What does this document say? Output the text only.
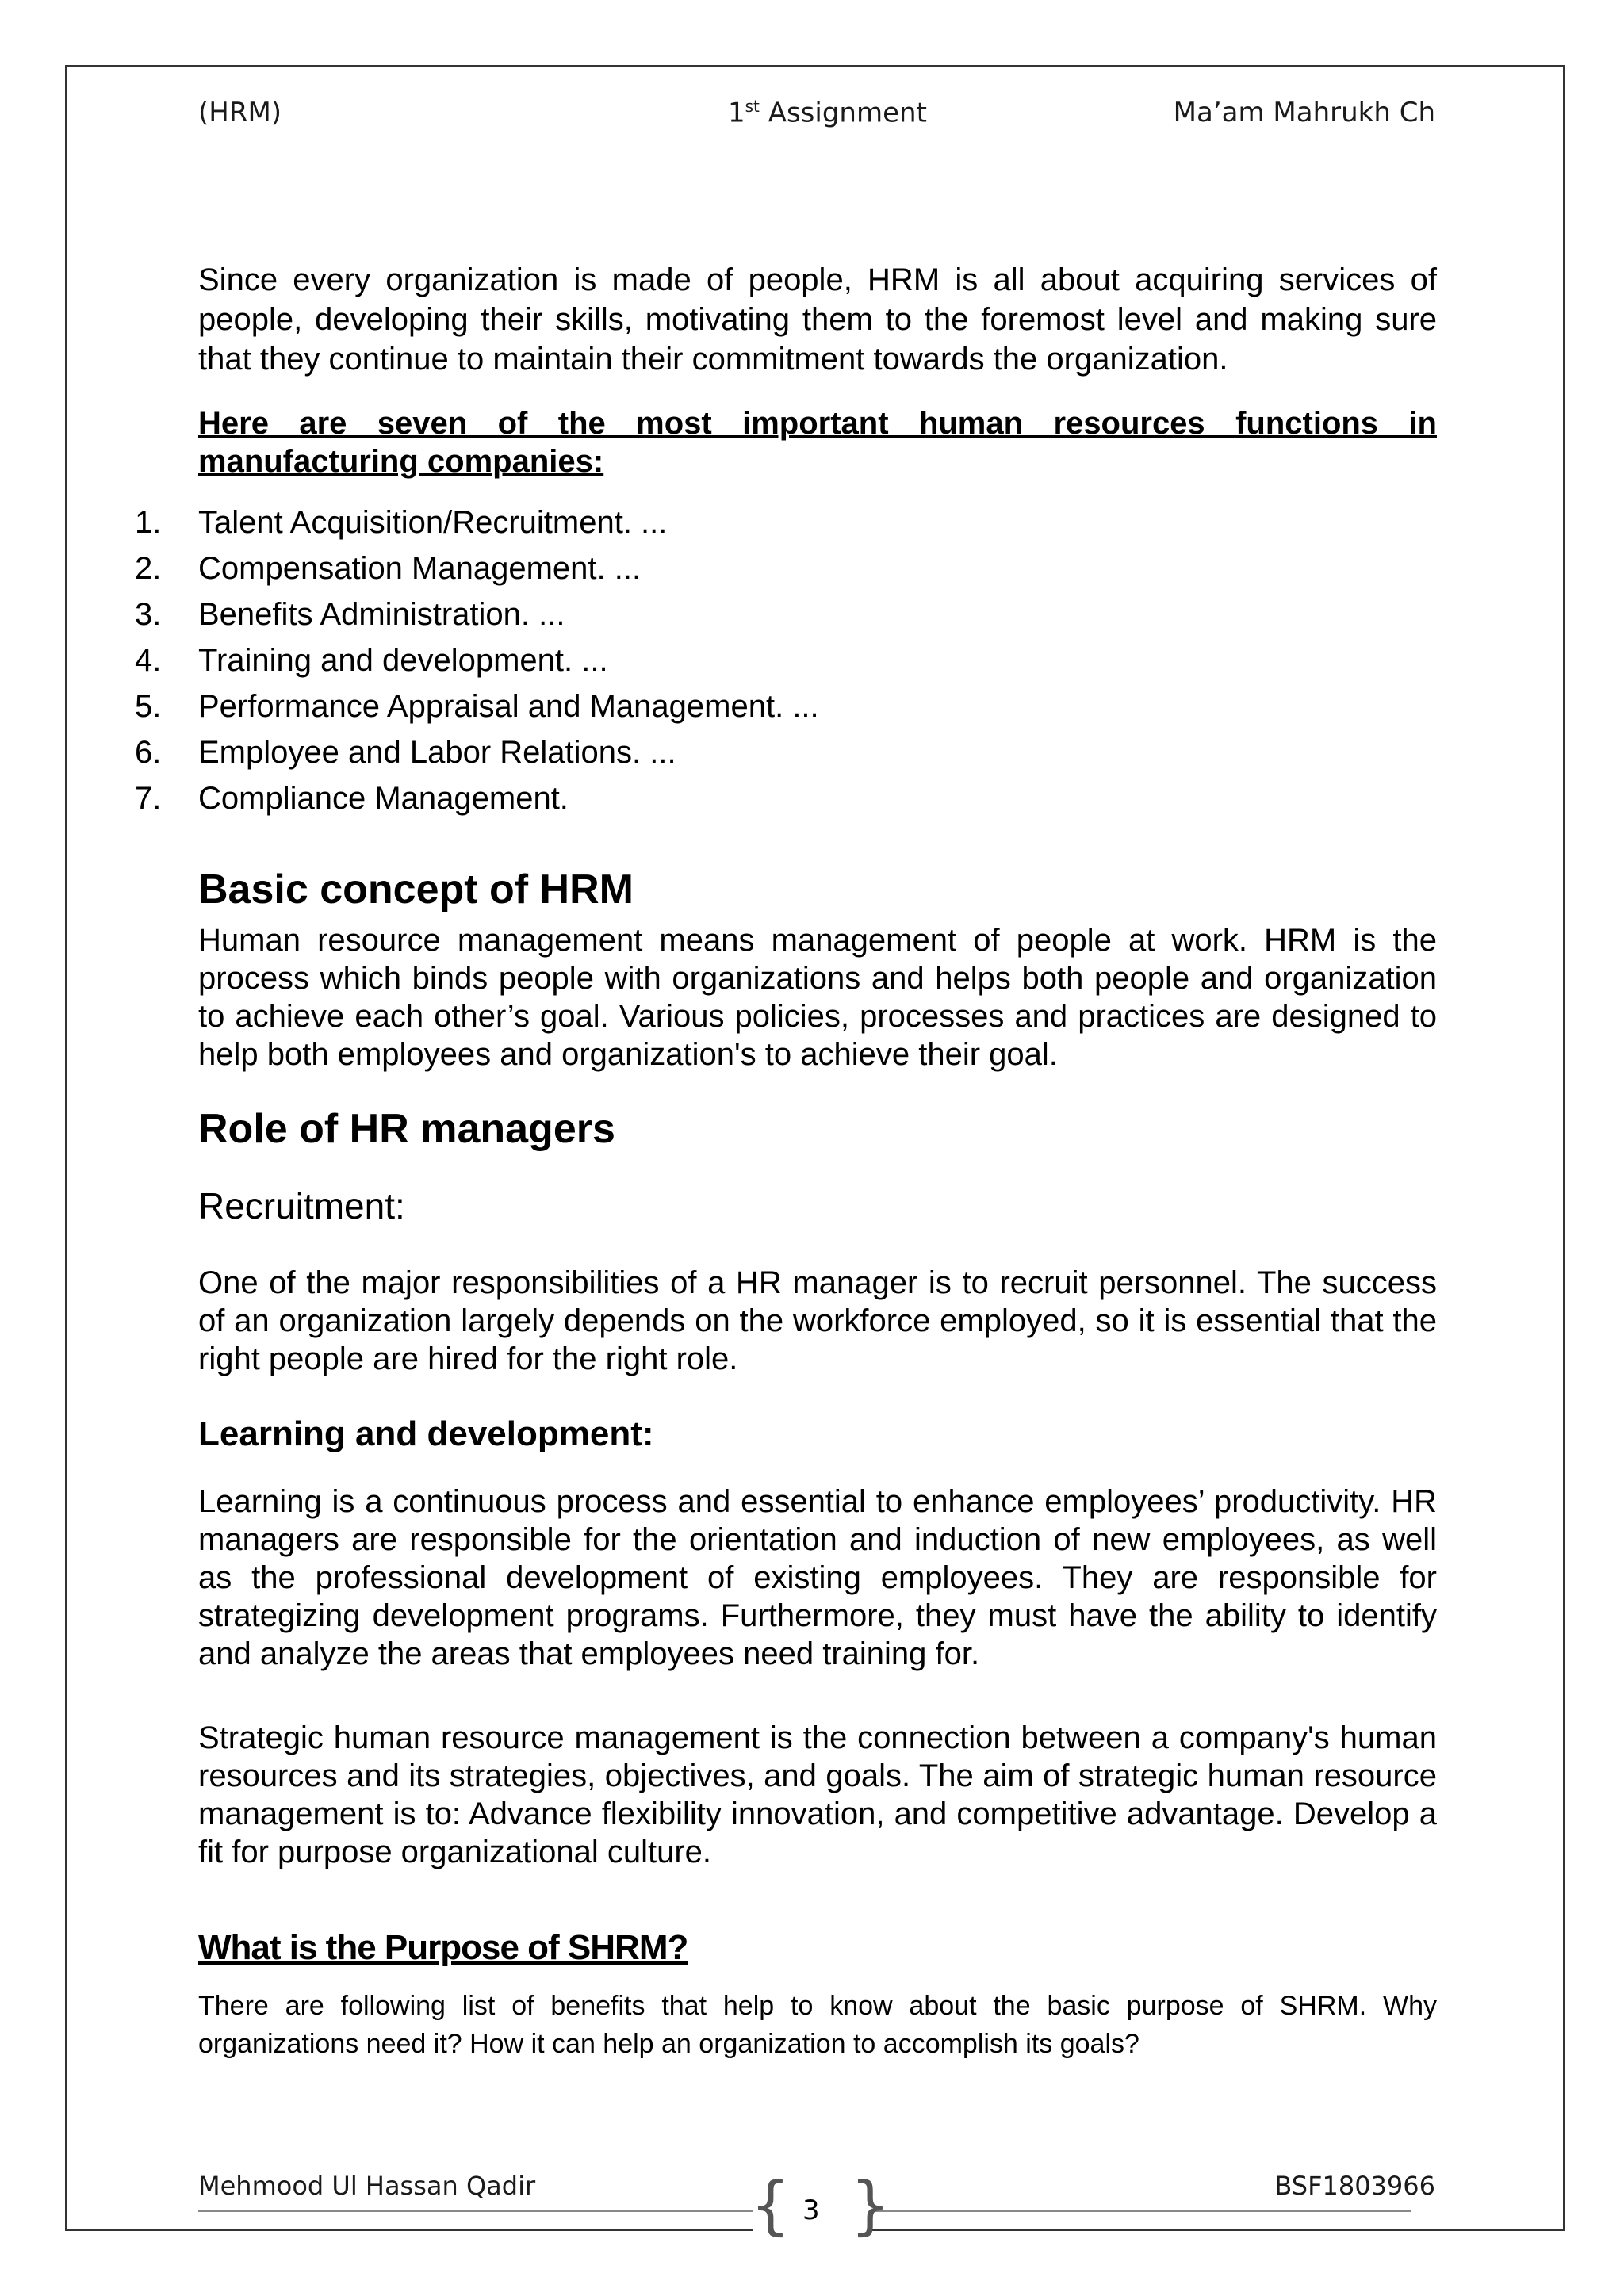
(HRM)	1st Assignment	Ma’am Mahrukh Ch

Since every organization is made of people, HRM is all about acquiring services of people, developing their skills, motivating them to the foremost level and making sure that they continue to maintain their commitment towards the organization.

Here are seven of the most important human resources functions in manufacturing companies:

1. Talent Acquisition/Recruitment. ...
2. Compensation Management. ...
3. Benefits Administration. ...
4. Training and development. ...
5. Performance Appraisal and Management. ...
6. Employee and Labor Relations. ...
7. Compliance Management.
Basic concept of HRM

Human resource management means management of people at work. HRM is the process which binds people with organizations and helps both people and organization to achieve each other’s goal. Various policies, processes and practices are designed to help both employees and organization's to achieve their goal.

Role of HR managers
Recruitment:

One of the major responsibilities of a HR manager is to recruit personnel. The success of an organization largely depends on the workforce employed, so it is essential that the right people are hired for the right role.

Learning and development:

Learning is a continuous process and essential to enhance employees’ productivity. HR managers are responsible for the orientation and induction of new employees, as well as the professional development of existing employees. They are responsible for strategizing development programs. Furthermore, they must have the ability to identify and analyze the areas that employees need training for.

Strategic human resource management is the connection between a company's human resources and its strategies, objectives, and goals. The aim of strategic human resource management is to: Advance flexibility innovation, and competitive advantage. Develop a fit for purpose organizational culture.

What is the Purpose of SHRM?

There are following list of benefits that help to know about the basic purpose of SHRM. Why organizations need it? How it can help an organization to accomplish its goals?

Mehmood Ul Hassan Qadir	BSF1803966
{ }
3
